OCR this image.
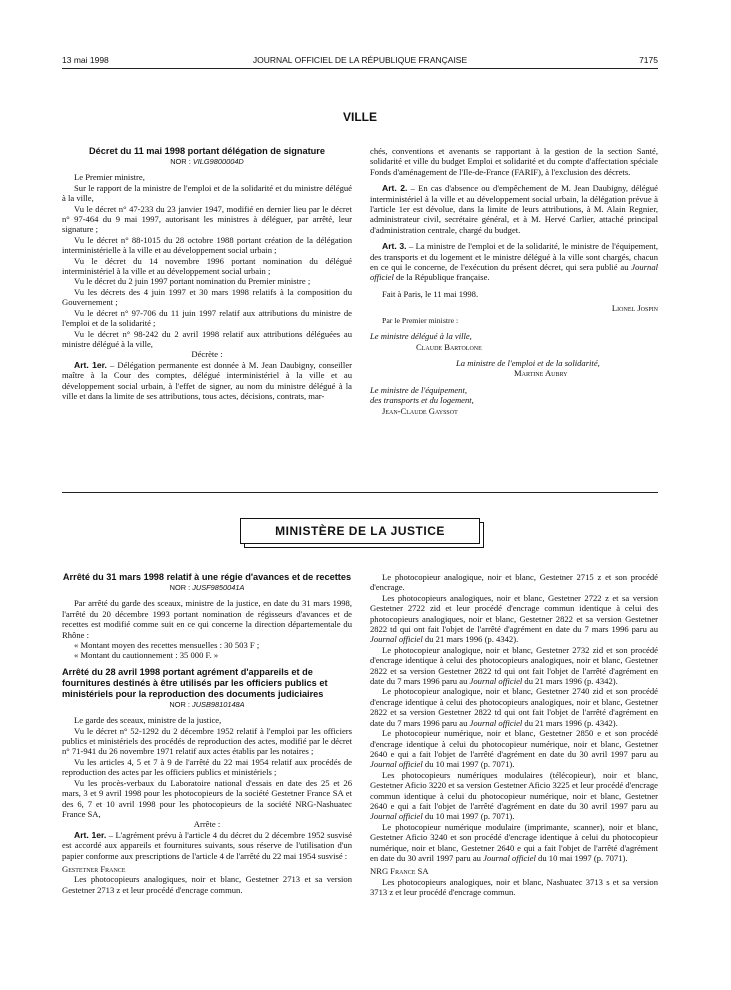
13 mai 1998	JOURNAL OFFICIEL DE LA RÉPUBLIQUE FRANÇAISE	7175
VILLE

Décret du 11 mai 1998 portant délégation de signature

NOR : VILG9800004D

Le Premier ministre,

Sur le rapport de la ministre de l'emploi et de la solidarité et du ministre délégué à la ville,

Vu le décret n° 47-233 du 23 janvier 1947, modifié en dernier lieu par le décret n° 97-464 du 9 mai 1997, autorisant les ministres à déléguer, par arrêté, leur signature ;

Vu le décret n° 88-1015 du 28 octobre 1988 portant création de la délégation interministérielle à la ville et au développement social urbain ;

Vu le décret du 14 novembre 1996 portant nomination du délégué interministériel à la ville et au développement social urbain ;

Vu le décret du 2 juin 1997 portant nomination du Premier ministre ;

Vu les décrets des 4 juin 1997 et 30 mars 1998 relatifs à la composition du Gouvernement ;

Vu le décret n° 97-706 du 11 juin 1997 relatif aux attributions du ministre de l'emploi et de la solidarité ;

Vu le décret n° 98-242 du 2 avril 1998 relatif aux attributions déléguées au ministre délégué à la ville,

Décrète :

Art. 1er. – Délégation permanente est donnée à M. Jean Daubigny, conseiller maître à la Cour des comptes, délégué interministériel à la ville et au développement social urbain, à l'effet de signer, au nom du ministre délégué à la ville et dans la limite de ses attributions, tous actes, décisions, contrats, mar-

chés, conventions et avenants se rapportant à la gestion de la section Santé, solidarité et ville du budget Emploi et solidarité et du compte d'affectation spéciale Fonds d'aménagement de l'Ile-de-France (FARIF), à l'exclusion des décrets.

Art. 2. – En cas d'absence ou d'empêchement de M. Jean Daubigny, délégué interministériel à la ville et au développement social urbain, la délégation prévue à l'article 1er est dévolue, dans la limite de leurs attributions, à M. Alain Regnier, administrateur civil, secrétaire général, et à M. Hervé Carlier, attaché principal d'administration centrale, chargé du budget.

Art. 3. – La ministre de l'emploi et de la solidarité, le ministre de l'équipement, des transports et du logement et le ministre délégué à la ville sont chargés, chacun en ce qui le concerne, de l'exécution du présent décret, qui sera publié au Journal officiel de la République française.

Fait à Paris, le 11 mai 1998.

Lionel Jospin

Par le Premier ministre :

Le ministre délégué à la ville,

Claude Bartolone

La ministre de l'emploi et de la solidarité,

Martine Aubry

Le ministre de l'équipement,

des transports et du logement,

Jean-Claude Gayssot

MINISTÈRE DE LA JUSTICE

Arrêté du 31 mars 1998 relatif à une régie d'avances et de recettes

NOR : JUSF9850041A

Par arrêté du garde des sceaux, ministre de la justice, en date du 31 mars 1998, l'arrêté du 20 décembre 1993 portant nomination de régisseurs d'avances et de recettes est modifié comme suit en ce qui concerne la direction départementale du Rhône :

« Montant moyen des recettes mensuelles : 30 503 F ;

« Montant du cautionnement : 35 000 F. »

Arrêté du 28 avril 1998 portant agrément d'appareils et de fournitures destinés à être utilisés par les officiers publics et ministériels pour la reproduction des documents judiciaires

NOR : JUSB9810148A

Le garde des sceaux, ministre de la justice,

Vu le décret n° 52-1292 du 2 décembre 1952 relatif à l'emploi par les officiers publics et ministériels des procédés de reproduction des actes, modifié par le décret n° 71-941 du 26 novembre 1971 relatif aux actes établis par les notaires ;

Vu les articles 4, 5 et 7 à 9 de l'arrêté du 22 mai 1954 relatif aux procédés de reproduction des actes par les officiers publics et ministériels ;

Vu les procès-verbaux du Laboratoire national d'essais en date des 25 et 26 mars, 3 et 9 avril 1998 pour les photocopieurs de la société Gestetner France SA et des 6, 7 et 10 avril 1998 pour les photocopieurs de la société NRG-Nashuatec France SA,

Arrête :

Art. 1er. – L'agrément prévu à l'article 4 du décret du 2 décembre 1952 susvisé est accordé aux appareils et fournitures suivants, sous réserve de l'utilisation d'un papier conforme aux prescriptions de l'article 4 de l'arrêté du 22 mai 1954 susvisé :

Gestetner France

Les photocopieurs analogiques, noir et blanc, Gestetner 2713 et sa version Gestetner 2713 z et leur procédé d'encrage commun.

Le photocopieur analogique, noir et blanc, Gestetner 2715 z et son procédé d'encrage.

Les photocopieurs analogiques, noir et blanc, Gestetner 2722 z et sa version Gestetner 2722 zid et leur procédé d'encrage commun identique à celui des photocopieurs analogiques, noir et blanc, Gestetner 2822 et sa version Gestetner 2822 td qui ont fait l'objet de l'arrêté d'agrément en date du 7 mars 1996 paru au Journal officiel du 21 mars 1996 (p. 4342).

Le photocopieur analogique, noir et blanc, Gestetner 2732 zid et son procédé d'encrage identique à celui des photocopieurs analogiques, noir et blanc, Gestetner 2822 et sa version Gestetner 2822 td qui ont fait l'objet de l'arrêté d'agrément en date du 7 mars 1996 paru au Journal officiel du 21 mars 1996 (p. 4342).

Le photocopieur analogique, noir et blanc, Gestetner 2740 zid et son procédé d'encrage identique à celui des photocopieurs analogiques, noir et blanc, Gestetner 2822 et sa version Gestetner 2822 td qui ont fait l'objet de l'arrêté d'agrément en date du 7 mars 1996 paru au Journal officiel du 21 mars 1996 (p. 4342).

Le photocopieur numérique, noir et blanc, Gestetner 2850 e et son procédé d'encrage identique à celui du photocopieur numérique, noir et blanc, Gestetner 2640 e qui a fait l'objet de l'arrêté d'agrément en date du 30 avril 1997 paru au Journal officiel du 10 mai 1997 (p. 7071).

Les photocopieurs numériques modulaires (télécopieur), noir et blanc, Gestetner Aficio 3220 et sa version Gestetner Aficio 3225 et leur procédé d'encrage commun identique à celui du photocopieur numérique, noir et blanc, Gestetner 2640 e qui a fait l'objet de l'arrêté d'agrément en date du 30 avril 1997 paru au Journal officiel du 10 mai 1997 (p. 7071).

Le photocopieur numérique modulaire (imprimante, scanner), noir et blanc, Gestetner Aficio 3240 et son procédé d'encrage identique à celui du photocopieur numérique, noir et blanc, Gestetner 2640 e qui a fait l'objet de l'arrêté d'agrément en date du 30 avril 1997 paru au Journal officiel du 10 mai 1997 (p. 7071).

NRG France SA

Les photocopieurs analogiques, noir et blanc, Nashuatec 3713 s et sa version 3713 z et leur procédé d'encrage commun.
